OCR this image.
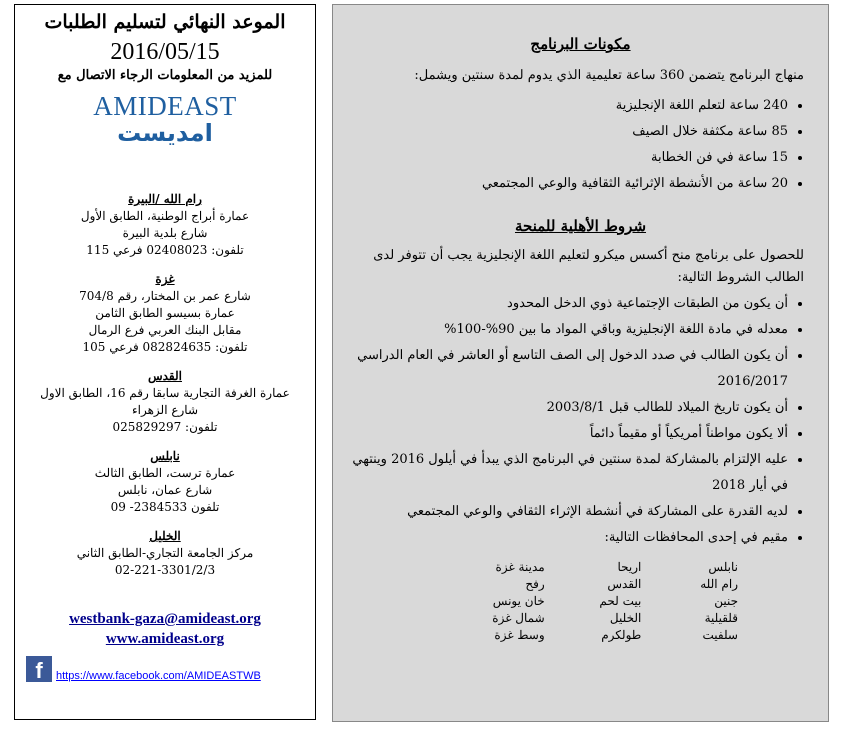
الموعد النهائي لتسليم الطلبات
2016/05/15
للمزيد من المعلومات الرجاء الاتصال مع
AMIDEAST
امديست
رام الله /البيرة
عمارة أبراج الوطنية، الطابق الأول
شارع بلدية البيرة
تلفون: 02408023 فرعي 115
غزة
شارع عمر بن المختار، رقم 704/8
عمارة بسيسو الطابق الثامن
مقابل البنك العربي فرع الرمال
تلفون: 082824635 فرعي 105
القدس
عمارة الغرفة التجارية سابقا رقم 16، الطابق الاول
شارع الزهراء
تلفون: 025829297
نابلس
عمارة ترست، الطابق الثالث
شارع عمان، نابلس
تلفون 2384533- 09
الخليل
مركز الجامعة التجاري-الطابق الثاني
02-221-3301/2/3
westbank-gaza@amideast.org
www.amideast.org
f https://www.facebook.com/AMIDEASTWB
مكونات البرنامج
منهاج البرنامج يتضمن 360 ساعة تعليمية الذي يدوم لمدة سنتين ويشمل:
• 240 ساعة لتعلم اللغة الإنجليزية
• 85 ساعة مكثفة خلال الصيف
• 15 ساعة في فن الخطابة
• 20 ساعة من الأنشطة الإثرائية الثقافية والوعي المجتمعي
شروط الأهلية للمنحة
للحصول على برنامج منح أكسس ميكرو لتعليم اللغة الإنجليزية يجب أن تتوفر لدى الطالب الشروط التالية:
• أن يكون من الطبقات الإجتماعية ذوي الدخل المحدود
• معدله في مادة اللغة الإنجليزية وباقي المواد ما بين 90%-100%
• أن يكون الطالب في صدد الدخول إلى الصف التاسع أو العاشر في العام الدراسي 2016/2017
• أن يكون تاريخ الميلاد للطالب قبل 2003/8/1
• ألا يكون مواطناً أمريكياً أو مقيماً دائماً
• عليه الإلتزام بالمشاركة لمدة سنتين في البرنامج الذي يبدأ في أيلول 2016 وينتهي في أيار 2018
• لديه القدرة على المشاركة في أنشطة الإثراء الثقافي والوعي المجتمعي
• مقيم في إحدى المحافظات التالية:
نابلس
اريحا
مدينة غزة
رام الله
القدس
رفح
جنين
بيت لحم
خان يونس
قلقيلية
الخليل
شمال غزة
سلفيت
طولكرم
وسط غزة
